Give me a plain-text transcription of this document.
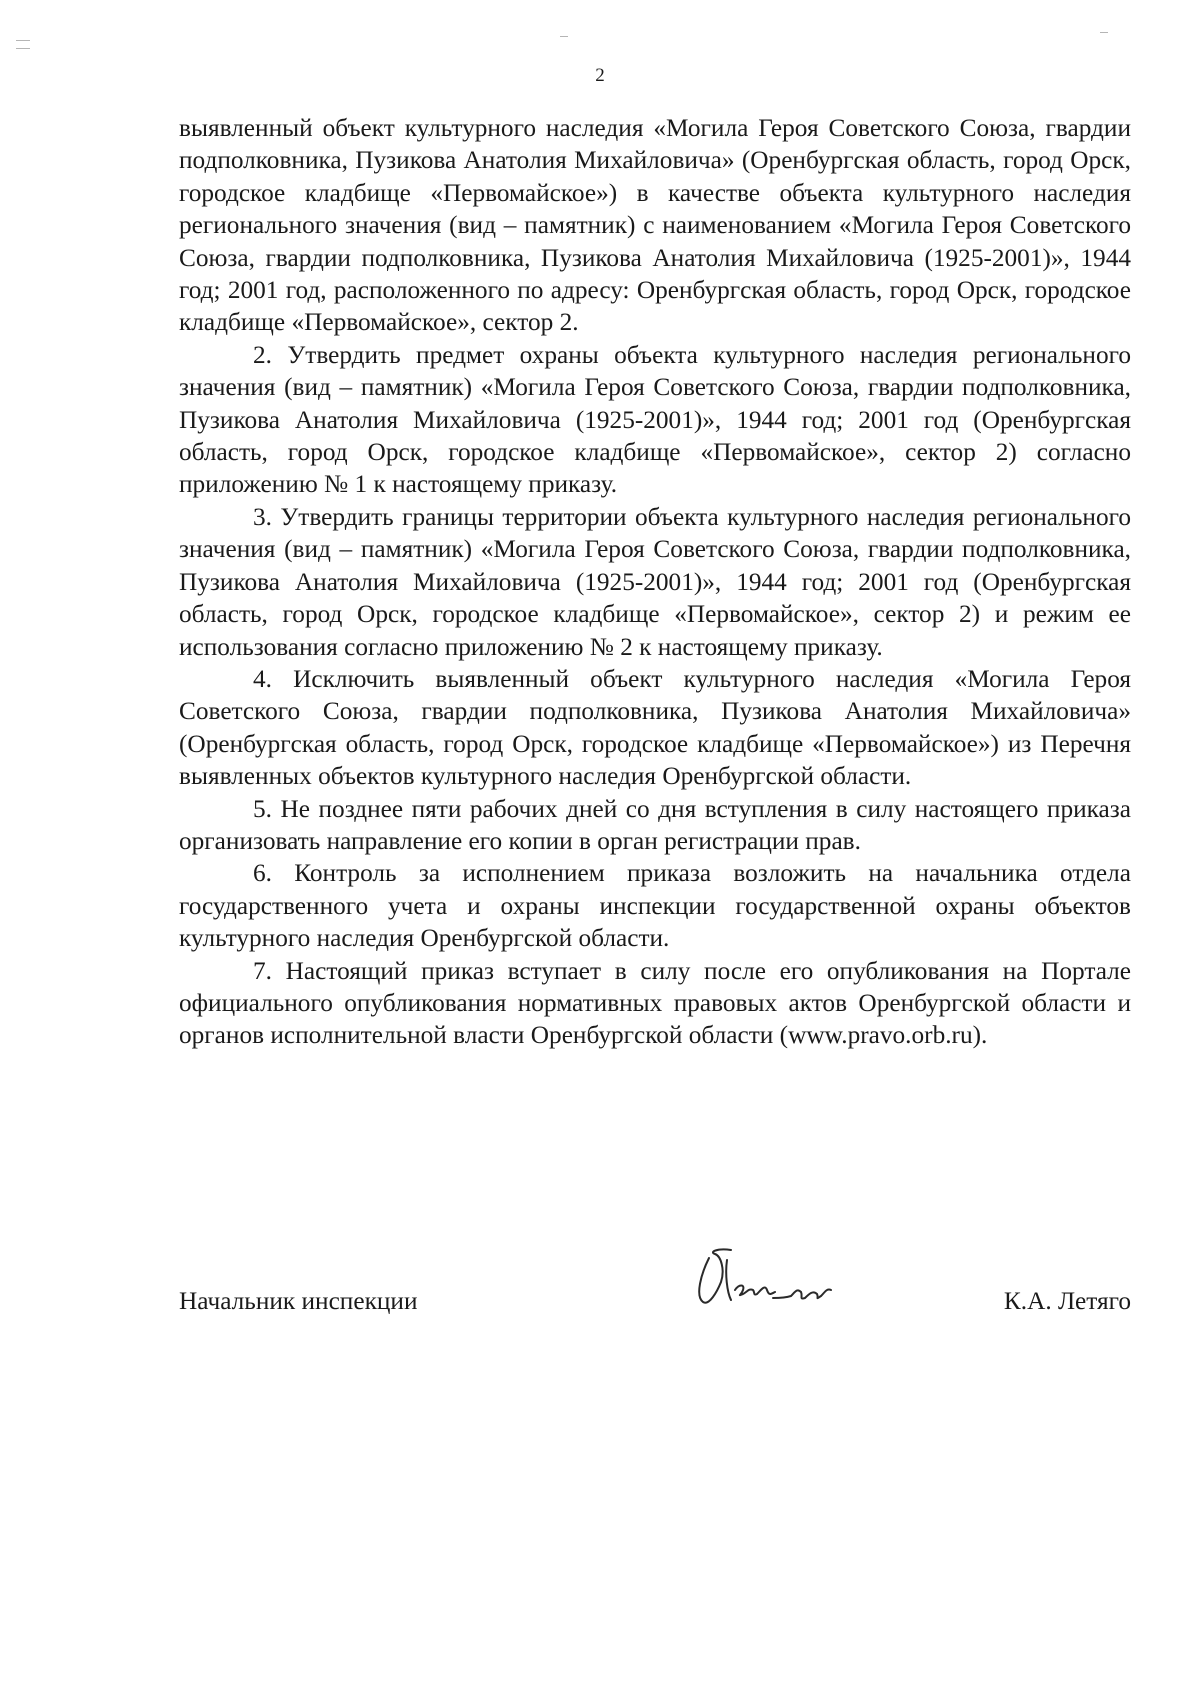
2

выявленный объект культурного наследия «Могила Героя Советского Союза, гвардии подполковника, Пузикова Анатолия Михайловича» (Оренбургская область, город Орск, городское кладбище «Первомайское») в качестве объекта культурного наследия регионального значения (вид – памятник) с наименованием «Могила Героя Советского Союза, гвардии подполковника, Пузикова Анатолия Михайловича (1925-2001)», 1944 год; 2001 год, расположенного по адресу: Оренбургская область, город Орск, городское кладбище «Первомайское», сектор 2.

2. Утвердить предмет охраны объекта культурного наследия регионального значения (вид – памятник) «Могила Героя Советского Союза, гвардии подполковника, Пузикова Анатолия Михайловича (1925-2001)», 1944 год; 2001 год (Оренбургская область, город Орск, городское кладбище «Первомайское», сектор 2) согласно приложению № 1 к настоящему приказу.

3. Утвердить границы территории объекта культурного наследия регионального значения (вид – памятник) «Могила Героя Советского Союза, гвардии подполковника, Пузикова Анатолия Михайловича (1925-2001)», 1944 год; 2001 год (Оренбургская область, город Орск, городское кладбище «Первомайское», сектор 2) и режим ее использования согласно приложению № 2 к настоящему приказу.

4. Исключить выявленный объект культурного наследия «Могила Героя Советского Союза, гвардии подполковника, Пузикова Анатолия Михайловича» (Оренбургская область, город Орск, городское кладбище «Первомайское») из Перечня выявленных объектов культурного наследия Оренбургской области.

5. Не позднее пяти рабочих дней со дня вступления в силу настоящего приказа организовать направление его копии в орган регистрации прав.

6. Контроль за исполнением приказа возложить на начальника отдела государственного учета и охраны инспекции государственной охраны объектов культурного наследия Оренбургской области.

7. Настоящий приказ вступает в силу после его опубликования на Портале официального опубликования нормативных правовых актов Оренбургской области и органов исполнительной власти Оренбургской области (www.pravo.orb.ru).

Начальник инспекции	К.А. Летяго
